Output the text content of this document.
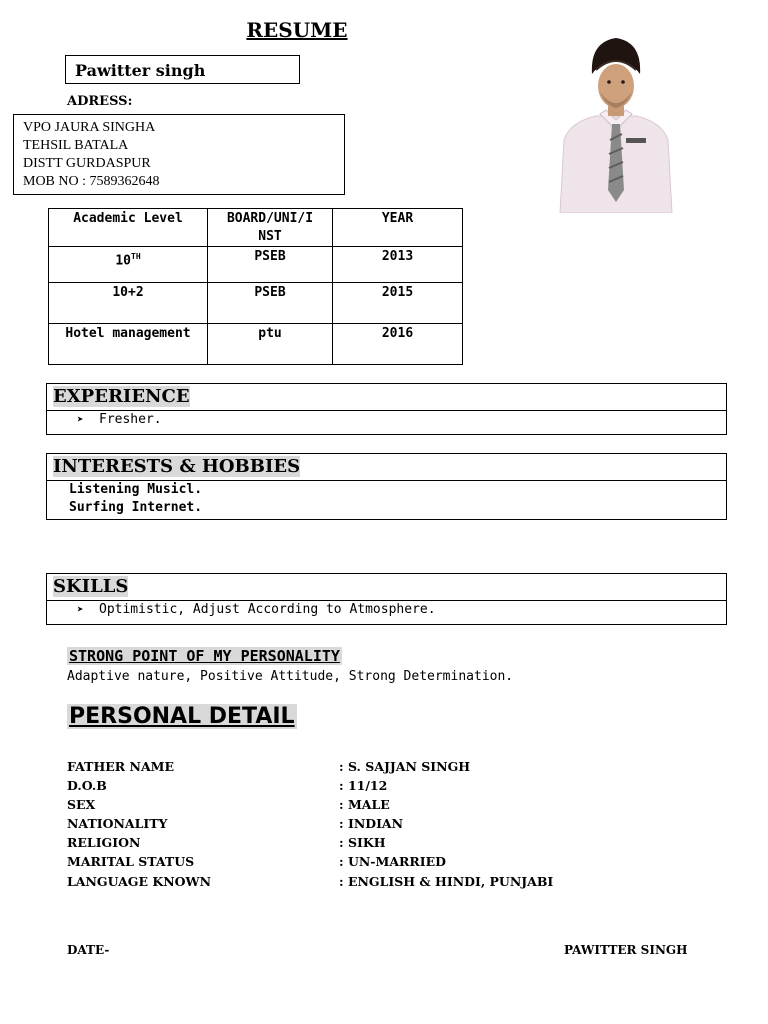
RESUME
Pawitter singh
ADRESS:
VPO JAURA SINGHA
TEHSIL BATALA
DISTT GURDASPUR
MOB NO : 7589362648
Academic Level	BOARD/UNI/I NST	YEAR
10TH	PSEB	2013
10+2	PSEB	2015
Hotel management	ptu	2016
EXPERIENCE
➤ Fresher.
INTERESTS & HOBBIES
Listening Musicl.
Surfing Internet.
SKILLS
➤ Optimistic, Adjust According to Atmosphere.
STRONG POINT OF MY PERSONALITY
Adaptive nature, Positive Attitude, Strong Determination.
PERSONAL DETAIL
FATHER NAME	: S. SAJJAN SINGH
D.O.B	: 11/12
SEX	: MALE
NATIONALITY	: INDIAN
RELIGION	: SIKH
MARITAL STATUS	: UN-MARRIED
LANGUAGE KNOWN	: ENGLISH & HINDI, PUNJABI
DATE-	PAWITTER SINGH
